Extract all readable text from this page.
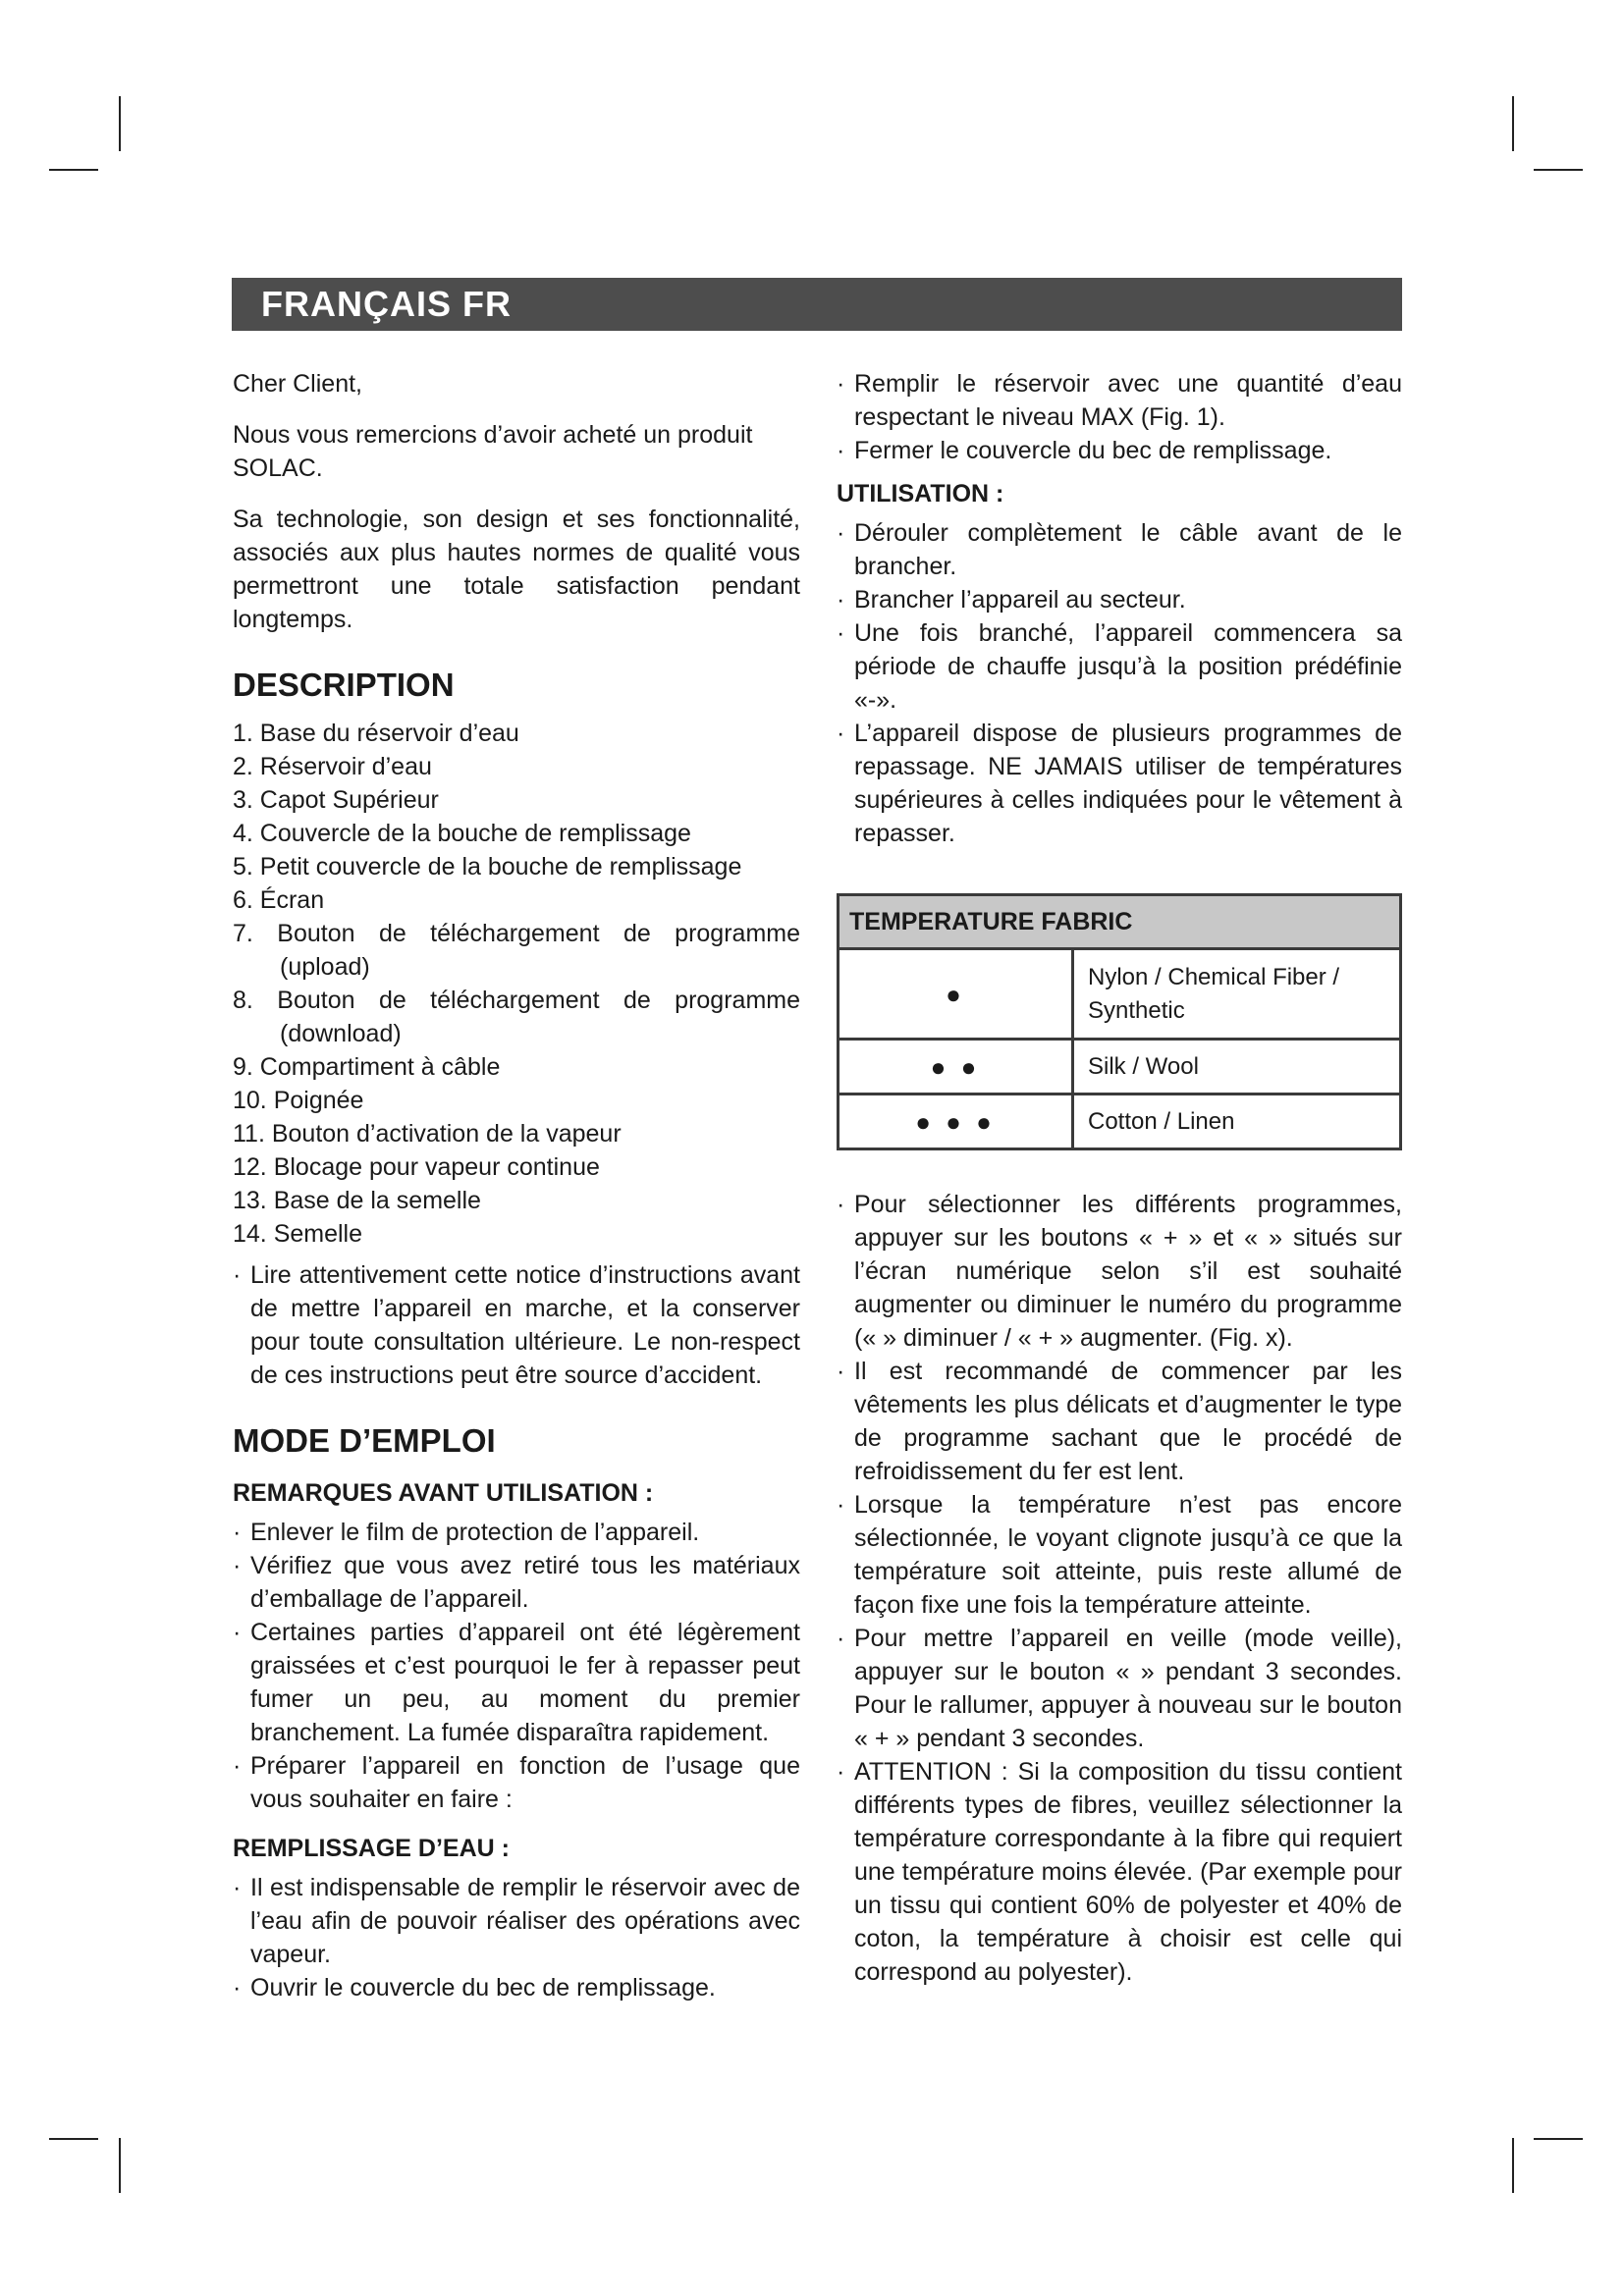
FRANÇAIS FR

Cher Client,

Nous vous remercions d’avoir acheté un produit SOLAC.

Sa technologie, son design et ses fonctionnalité, associés aux plus hautes normes de qualité vous permettront une totale satisfaction pendant longtemps.

DESCRIPTION
1. Base du réservoir d’eau
2. Réservoir d’eau
3. Capot Supérieur
4. Couvercle de la bouche de remplissage
5. Petit couvercle de la bouche de remplissage
6. Écran
7. Bouton de téléchargement de programme (upload)
8. Bouton de téléchargement de programme (download)
9. Compartiment à câble
10. Poignée
11. Bouton d’activation de la vapeur
12. Blocage pour vapeur continue
13. Base de la semelle
14. Semelle
· Lire attentivement cette notice d’instructions avant de mettre l’appareil en marche, et la conserver pour toute consultation ultérieure. Le non-respect de ces instructions peut être source d’accident.
MODE D’EMPLOI
REMARQUES AVANT UTILISATION :
· Enlever le film de protection de l’appareil.
· Vérifiez que vous avez retiré tous les matériaux d’emballage de l’appareil.
· Certaines parties d’appareil ont été légèrement graissées et c’est pourquoi le fer à repasser peut fumer un peu, au moment du premier branchement. La fumée disparaîtra rapidement.
· Préparer l’appareil en fonction de l’usage que vous souhaiter en faire :
REMPLISSAGE D’EAU :
· Il est indispensable de remplir le réservoir avec de l’eau afin de pouvoir réaliser des opérations avec vapeur.
· Ouvrir le couvercle du bec de remplissage.
· Remplir le réservoir avec une quantité d’eau respectant le niveau MAX (Fig. 1).
· Fermer le couvercle du bec de remplissage.
UTILISATION :
· Dérouler complètement le câble avant de le brancher.
· Brancher l’appareil au secteur.
· Une fois branché, l’appareil commencera sa période de chauffe jusqu’à la position prédéfinie «-».
· L’appareil dispose de plusieurs programmes de repassage. NE JAMAIS utiliser de températures supérieures à celles indiquées pour le vêtement à repasser.
TEMPERATURE FABRIC	
●	Nylon / Chemical Fiber / Synthetic
● ●	Silk / Wool
● ● ●	Cotton / Linen
· Pour sélectionner les différents programmes, appuyer sur les boutons « + » et « » situés sur l’écran numérique selon s’il est souhaité augmenter ou diminuer le numéro du programme (« » diminuer / « + » augmenter. (Fig. x).
· Il est recommandé de commencer par les vêtements les plus délicats et d’augmenter le type de programme sachant que le procédé de refroidissement du fer est lent.
· Lorsque la température n’est pas encore sélectionnée, le voyant clignote jusqu’à ce que la température soit atteinte, puis reste allumé de façon fixe une fois la température atteinte.
· Pour mettre l’appareil en veille (mode veille), appuyer sur le bouton « » pendant 3 secondes. Pour le rallumer, appuyer à nouveau sur le bouton « + » pendant 3 secondes.
· ATTENTION : Si la composition du tissu contient différents types de fibres, veuillez sélectionner la température correspondante à la fibre qui requiert une température moins élevée. (Par exemple pour un tissu qui contient 60% de polyester et 40% de coton, la température à choisir est celle qui correspond au polyester).
